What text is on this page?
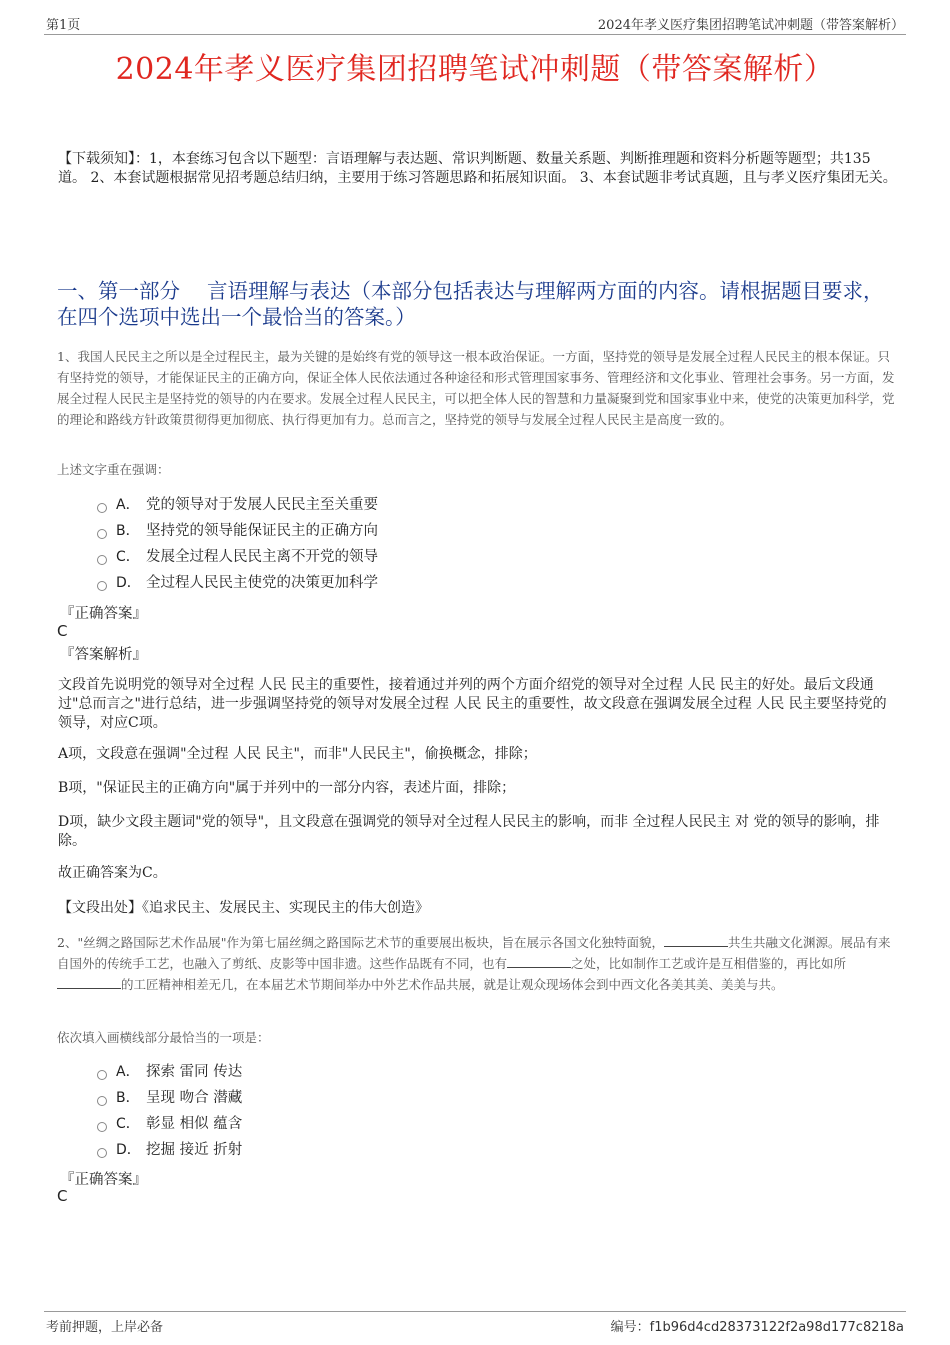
第1页	2024年孝义医疗集团招聘笔试冲刺题（带答案解析）
2024年孝义医疗集团招聘笔试冲刺题（带答案解析）
【下载须知】：1，本套练习包含以下题型：言语理解与表达题、常识判断题、数量关系题、判断推理题和资料分析题等题型；共135道。 2、本套试题根据常见招考题总结归纳，主要用于练习答题思路和拓展知识面。 3、本套试题非考试真题，且与孝义医疗集团无关。
一、第一部分　 言语理解与表达（本部分包括表达与理解两方面的内容。请根据题目要求，在四个选项中选出一个最恰当的答案。）
1、我国人民民主之所以是全过程民主，最为关键的是始终有党的领导这一根本政治保证。一方面，坚持党的领导是发展全过程人民民主的根本保证。只有坚持党的领导，才能保证民主的正确方向，保证全体人民依法通过各种途径和形式管理国家事务、管理经济和文化事业、管理社会事务。另一方面，发展全过程人民民主是坚持党的领导的内在要求。发展全过程人民民主，可以把全体人民的智慧和力量凝聚到党和国家事业中来，使党的决策更加科学，党的理论和路线方针政策贯彻得更加彻底、执行得更加有力。总而言之，坚持党的领导与发展全过程人民民主是高度一致的。
上述文字重在强调：
A． 党的领导对于发展人民民主至关重要
B． 坚持党的领导能保证民主的正确方向
C． 发展全过程人民民主离不开党的领导
D． 全过程人民民主使党的决策更加科学
『正确答案』
C
『答案解析』
文段首先说明党的领导对全过程 人民 民主的重要性，接着通过并列的两个方面介绍党的领导对全过程 人民 民主的好处。最后文段通过"总而言之"进行总结，进一步强调坚持党的领导对发展全过程 人民 民主的重要性，故文段意在强调发展全过程 人民 民主要坚持党的领导，对应C项。
A项，文段意在强调"全过程 人民 民主"，而非"人民民主"，偷换概念，排除；
B项，"保证民主的正确方向"属于并列中的一部分内容，表述片面，排除；
D项，缺少文段主题词"党的领导"，且文段意在强调党的领导对全过程人民民主的影响，而非 全过程人民民主 对 党的领导的影响，排除。
故正确答案为C。
【文段出处】《追求民主、发展民主、实现民主的伟大创造》
2、"丝绸之路国际艺术作品展"作为第七届丝绸之路国际艺术节的重要展出板块，旨在展示各国文化独特面貌，	共生共融文化渊源。展品有来自国外的传统手工艺，也融入了剪纸、皮影等中国非遗。这些作品既有不同，也有	之处，比如制作工艺或许是互相借鉴的，再比如所的工匠精神相差无几，在本届艺术节期间举办中外艺术作品共展，就是让观众现场体会到中西文化各美其美、美美与共。
依次填入画横线部分最恰当的一项是：
A． 探索 雷同 传达
B． 呈现 吻合 潜藏
C． 彰显 相似 蕴含
D． 挖掘 接近 折射
『正确答案』
C
考前押题，上岸必备	编号：f1b96d4cd28373122f2a98d177c8218a
